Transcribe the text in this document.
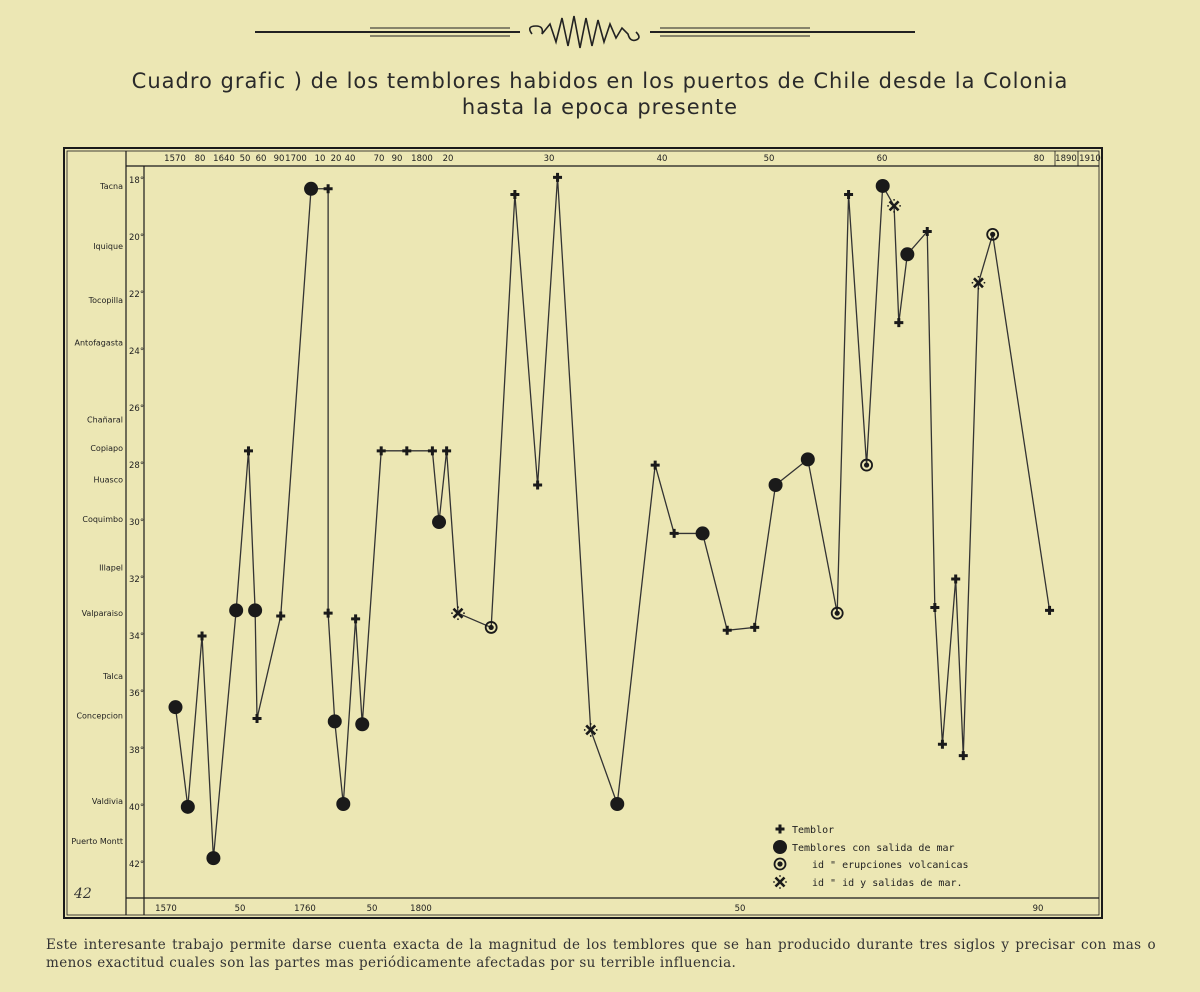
Cuadro grafic ) de los temblores habidos en los puertos de Chile desde la Colonia
hasta la epoca presente
1570 80 1640 50 60 90 1700 10 20 40 70 90 1800 20	30	40	50	60	80 1890 1910
1570	50	1760	50	1800	50	90
18°
20°
22°
24°
26°
28°
30°
32°
34°
36°
38°
40°
42°
Tacna
Iquique
Tocopilla
Antofagasta
Chañaral
Copiapo
Huasco
Coquimbo
Illapel
Valparaiso
Talca
Concepcion
Valdivia
Puerto Montt
Temblor
Temblores con salida de mar
id " erupciones volcanicas
id " id y salidas de mar.
42
Este interesante trabajo permite darse cuenta exacta de la magnitud de los temblores que se han producido durante tres siglos y precisar con mas o menos exactitud cuales son las partes mas periódicamente afectadas por su terrible influencia.
